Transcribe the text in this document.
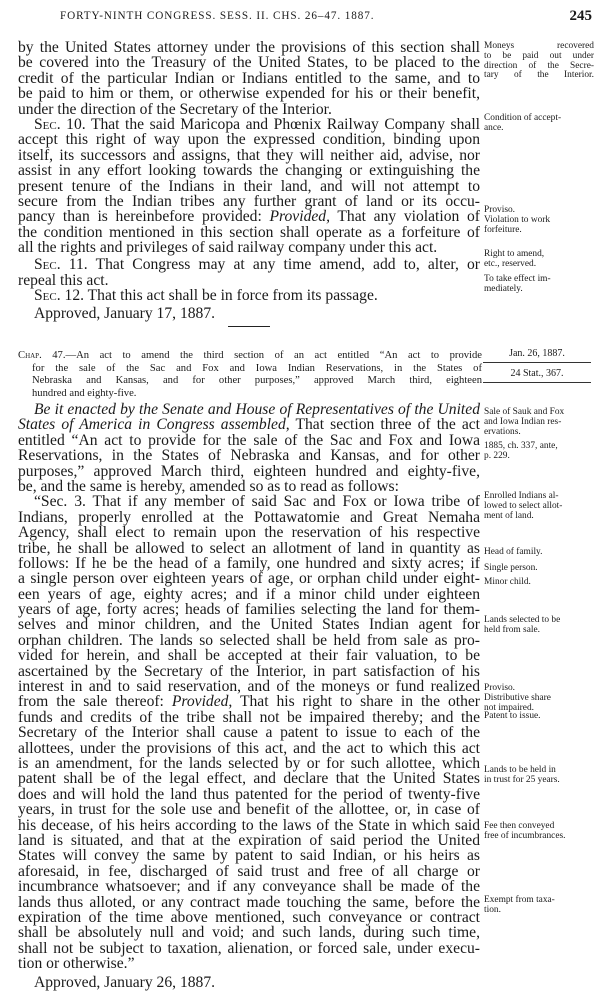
FORTY-NINTH CONGRESS. SESS. II. CHS. 26–47. 1887.	245
by the United States attorney under the provisions of this section shall
be covered into the Treasury of the United States, to be placed to the
credit of the particular Indian or Indians entitled to the same, and to
be paid to him or them, or otherwise expended for his or their benefit,
under the direction of the Secretary of the Interior.
Sec. 10. That the said Maricopa and Phœnix Railway Company shall
accept this right of way upon the expressed condition, binding upon
itself, its successors and assigns, that they will neither aid, advise, nor
assist in any effort looking towards the changing or extinguishing the
present tenure of the Indians in their land, and will not attempt to
secure from the Indian tribes any further grant of land or its occu-
pancy than is hereinbefore provided: Provided, That any violation of
the condition mentioned in this section shall operate as a forfeiture of
all the rights and privileges of said railway company under this act.
Sec. 11. That Congress may at any time amend, add to, alter, or
repeal this act.
Sec. 12. That this act shall be in force from its passage.
Approved, January 17, 1887.
Moneys recovered
to be paid out under
direction of the Secre-
tary of the Interior.
Condition of accept-
ance.
Proviso.
Violation to work
forfeiture.
Right to amend,
etc., reserved.
To take effect im-
mediately.
Chap. 47.—An act to amend the third section of an act entitled “An act to provide
for the sale of the Sac and Fox and Iowa Indian Reservations, in the States of
Nebraska and Kansas, and for other purposes,” approved March third, eighteen
hundred and eighty-five.
Jan. 26, 1887.
24 Stat., 367.
Be it enacted by the Senate and House of Representatives of the United
States of America in Congress assembled, That section three of the act
entitled “An act to provide for the sale of the Sac and Fox and Iowa
Reservations, in the States of Nebraska and Kansas, and for other
purposes,” approved March third, eighteen hundred and eighty-five,
be, and the same is hereby, amended so as to read as follows:
“Sec. 3. That if any member of said Sac and Fox or Iowa tribe of
Indians, properly enrolled at the Pottawatomie and Great Nemaha
Agency, shall elect to remain upon the reservation of his respective
tribe, he shall be allowed to select an allotment of land in quantity as
follows: If he be the head of a family, one hundred and sixty acres; if
a single person over eighteen years of age, or orphan child under eight-
een years of age, eighty acres; and if a minor child under eighteen
years of age, forty acres; heads of families selecting the land for them-
selves and minor children, and the United States Indian agent for
orphan children. The lands so selected shall be held from sale as pro-
vided for herein, and shall be accepted at their fair valuation, to be
ascertained by the Secretary of the Interior, in part satisfaction of his
interest in and to said reservation, and of the moneys or fund realized
from the sale thereof: Provided, That his right to share in the other
funds and credits of the tribe shall not be impaired thereby; and the
Secretary of the Interior shall cause a patent to issue to each of the
allottees, under the provisions of this act, and the act to which this act
is an amendment, for the lands selected by or for such allottee, which
patent shall be of the legal effect, and declare that the United States
does and will hold the land thus patented for the period of twenty-five
years, in trust for the sole use and benefit of the allottee, or, in case of
his decease, of his heirs according to the laws of the State in which said
land is situated, and that at the expiration of said period the United
States will convey the same by patent to said Indian, or his heirs as
aforesaid, in fee, discharged of said trust and free of all charge or
incumbrance whatsoever; and if any conveyance shall be made of the
lands thus alloted, or any contract made touching the same, before the
expiration of the time above mentioned, such conveyance or contract
shall be absolutely null and void; and such lands, during such time,
shall not be subject to taxation, alienation, or forced sale, under execu-
tion or otherwise.”
Approved, January 26, 1887.
Sale of Sauk and Fox
and Iowa Indian res-
ervations.
1885, ch. 337, ante,
p. 229.
Enrolled Indians al-
lowed to select allot-
ment of land.
Head of family.
Single person.
Minor child.
Lands selected to be
held from sale.
Proviso.
Distributive share
not impaired.
Patent to issue.
Lands to be held in
in trust for 25 years.
Fee then conveyed
free of incumbrances.
Exempt from taxa-
tion.
